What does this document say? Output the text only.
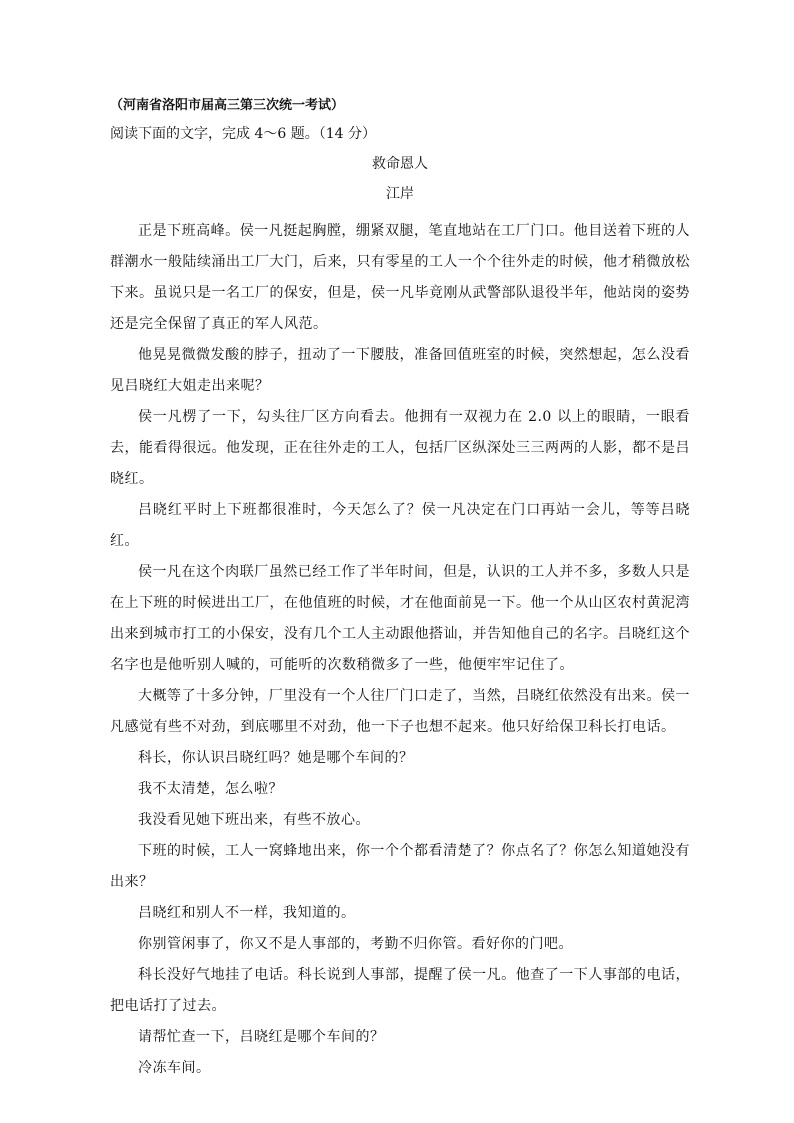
（河南省洛阳市届高三第三次统一考试）
阅读下面的文字，完成 4～6 题。（14 分）
救命恩人
江岸

正是下班高峰。侯一凡挺起胸膛，绷紧双腿，笔直地站在工厂门口。他目送着下班的人群潮水一般陆续涌出工厂大门，后来，只有零星的工人一个个往外走的时候，他才稍微放松下来。虽说只是一名工厂的保安，但是，侯一凡毕竟刚从武警部队退役半年，他站岗的姿势还是完全保留了真正的军人风范。

他晃晃微微发酸的脖子，扭动了一下腰肢，准备回值班室的时候，突然想起，怎么没看见吕晓红大姐走出来呢？

侯一凡楞了一下，勾头往厂区方向看去。他拥有一双视力在 2.0 以上的眼睛，一眼看去，能看得很远。他发现，正在往外走的工人，包括厂区纵深处三三两两的人影，都不是吕晓红。

吕晓红平时上下班都很准时，今天怎么了？侯一凡决定在门口再站一会儿，等等吕晓红。

侯一凡在这个肉联厂虽然已经工作了半年时间，但是，认识的工人并不多，多数人只是在上下班的时候进出工厂，在他值班的时候，才在他面前晃一下。他一个从山区农村黄泥湾出来到城市打工的小保安，没有几个工人主动跟他搭讪，并告知他自己的名字。吕晓红这个名字也是他听别人喊的，可能听的次数稍微多了一些，他便牢牢记住了。

大概等了十多分钟，厂里没有一个人往厂门口走了，当然，吕晓红依然没有出来。侯一凡感觉有些不对劲，到底哪里不对劲，他一下子也想不起来。他只好给保卫科长打电话。

科长，你认识吕晓红吗？她是哪个车间的？

我不太清楚，怎么啦？

我没看见她下班出来，有些不放心。

下班的时候，工人一窝蜂地出来，你一个个都看清楚了？你点名了？你怎么知道她没有出来？

吕晓红和别人不一样，我知道的。

你别管闲事了，你又不是人事部的，考勤不归你管。看好你的门吧。

科长没好气地挂了电话。科长说到人事部，提醒了侯一凡。他查了一下人事部的电话，把电话打了过去。

请帮忙查一下，吕晓红是哪个车间的？

冷冻车间。
